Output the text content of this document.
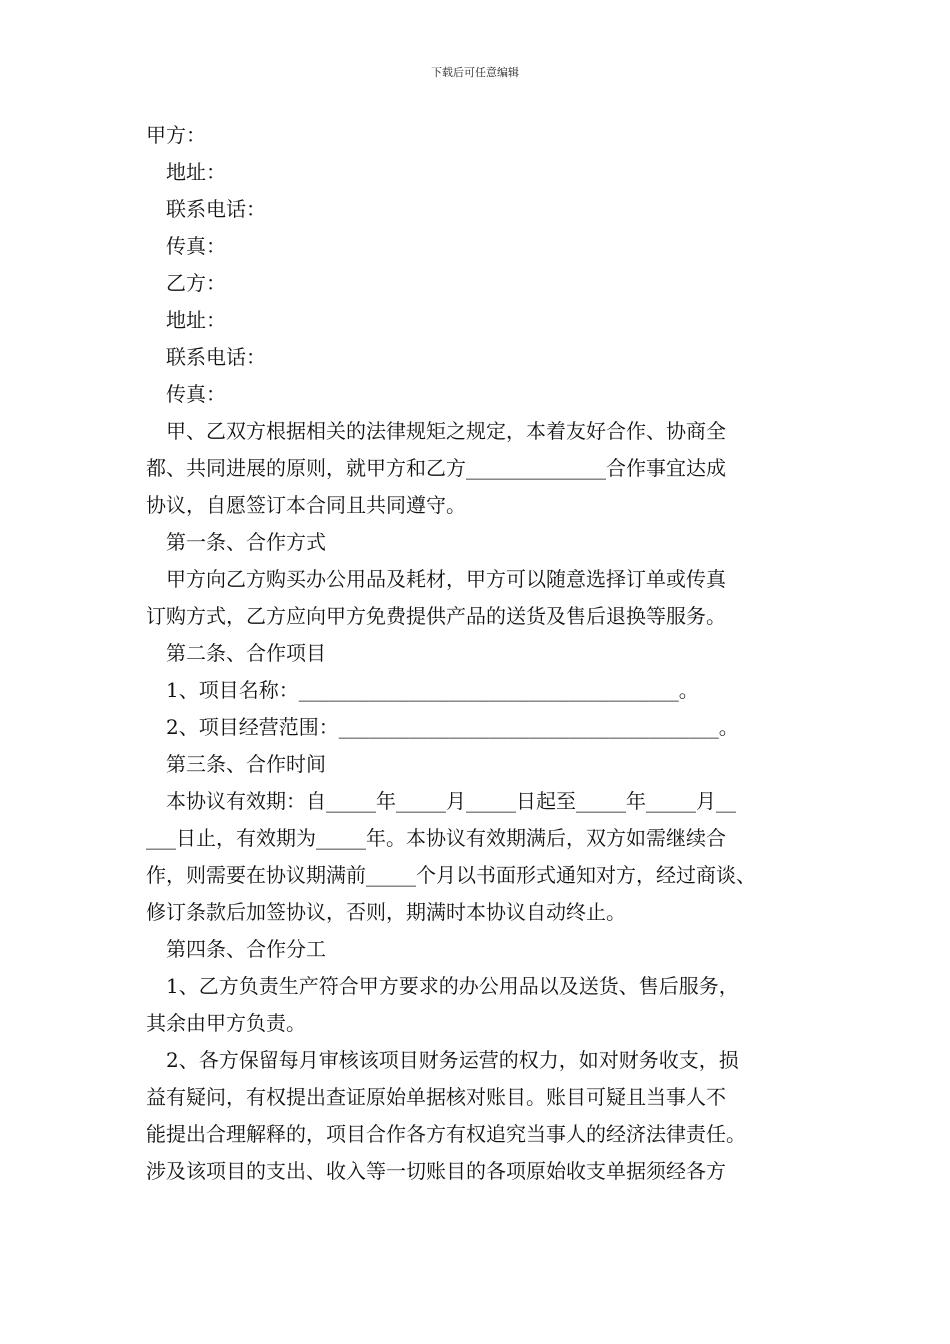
下载后可任意编辑
甲方：
地址：
联系电话：
传真：
乙方：
地址：
联系电话：
传真：
甲、乙双方根据相关的法律规矩之规定，本着友好合作、协商全
都、共同进展的原则，就甲方和乙方______________合作事宜达成
协议，自愿签订本合同且共同遵守。
第一条、合作方式
甲方向乙方购买办公用品及耗材，甲方可以随意选择订单或传真
订购方式，乙方应向甲方免费提供产品的送货及售后退换等服务。
第二条、合作项目
1、项目名称：______________________________________。
2、项目经营范围：______________________________________。
第三条、合作时间
本协议有效期：自_____年_____月_____日起至_____年_____月__
___日止，有效期为_____年。本协议有效期满后，双方如需继续合
作，则需要在协议期满前_____个月以书面形式通知对方，经过商谈、
修订条款后加签协议，否则，期满时本协议自动终止。
第四条、合作分工
1、乙方负责生产符合甲方要求的办公用品以及送货、售后服务，
其余由甲方负责。
2、各方保留每月审核该项目财务运营的权力，如对财务收支，损
益有疑问，有权提出查证原始单据核对账目。账目可疑且当事人不
能提出合理解释的，项目合作各方有权追究当事人的经济法律责任。
涉及该项目的支出、收入等一切账目的各项原始收支单据须经各方
